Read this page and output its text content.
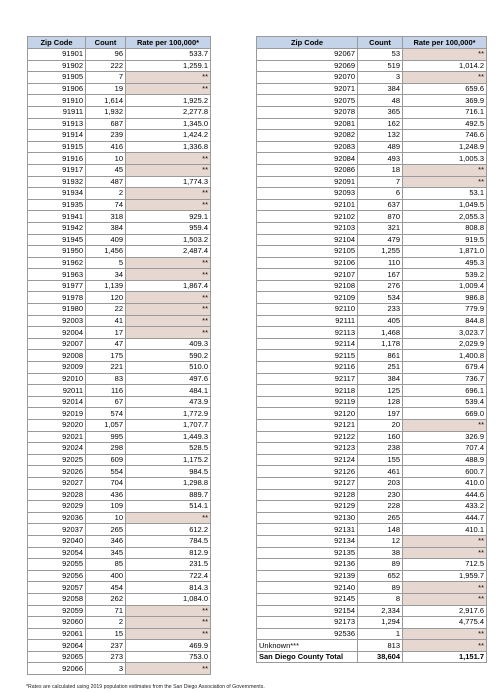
Zip Code	Count	Rate per 100,000*
91901	96	533.7
91902	222	1,259.1
91905	7	**
91906	19	**
91910	1,614	1,925.2
91911	1,932	2,277.8
91913	687	1,345.0
91914	239	1,424.2
91915	416	1,336.8
91916	10	**
91917	45	**
91932	487	1,774.3
91934	2	**
91935	74	**
91941	318	929.1
91942	384	959.4
91945	409	1,503.2
91950	1,456	2,487.4
91962	5	**
91963	34	**
91977	1,139	1,867.4
91978	120	**
91980	22	**
92003	41	**
92004	17	**
92007	47	409.3
92008	175	590.2
92009	221	510.0
92010	83	497.6
92011	116	484.1
92014	67	473.9
92019	574	1,772.9
92020	1,057	1,707.7
92021	995	1,449.3
92024	298	528.5
92025	609	1,175.2
92026	554	984.5
92027	704	1,298.8
92028	436	889.7
92029	109	514.1
92036	10	**
92037	265	612.2
92040	346	784.5
92054	345	812.9
92055	85	231.5
92056	400	722.4
92057	454	814.3
92058	262	1,084.0
92059	71	**
92060	2	**
92061	15	**
92064	237	469.9
92065	273	753.0
92066	3	**
Zip Code	Count	Rate per 100,000*
92067	53	**
92069	519	1,014.2
92070	3	**
92071	384	659.6
92075	48	369.9
92078	365	716.1
92081	162	492.5
92082	132	746.6
92083	489	1,248.9
92084	493	1,005.3
92086	18	**
92091	7	**
92093	6	53.1
92101	637	1,049.5
92102	870	2,055.3
92103	321	808.8
92104	479	919.5
92105	1,255	1,871.0
92106	110	495.3
92107	167	539.2
92108	276	1,009.4
92109	534	986.8
92110	233	779.9
92111	405	844.8
92113	1,468	3,023.7
92114	1,178	2,029.9
92115	861	1,400.8
92116	251	679.4
92117	384	736.7
92118	125	696.1
92119	128	539.4
92120	197	669.0
92121	20	**
92122	160	326.9
92123	238	707.4
92124	155	488.9
92126	461	600.7
92127	203	410.0
92128	230	444.6
92129	228	433.2
92130	265	444.7
92131	148	410.1
92134	12	**
92135	38	**
92136	89	712.5
92139	652	1,959.7
92140	89	**
92145	8	**
92154	2,334	2,917.6
92173	1,294	4,775.4
92536	1	**
Unknown***	813	**
San Diego County Total	38,604	1,151.7
*Rates are calculated using 2019 population estimates from the San Diego Association of Governments.
